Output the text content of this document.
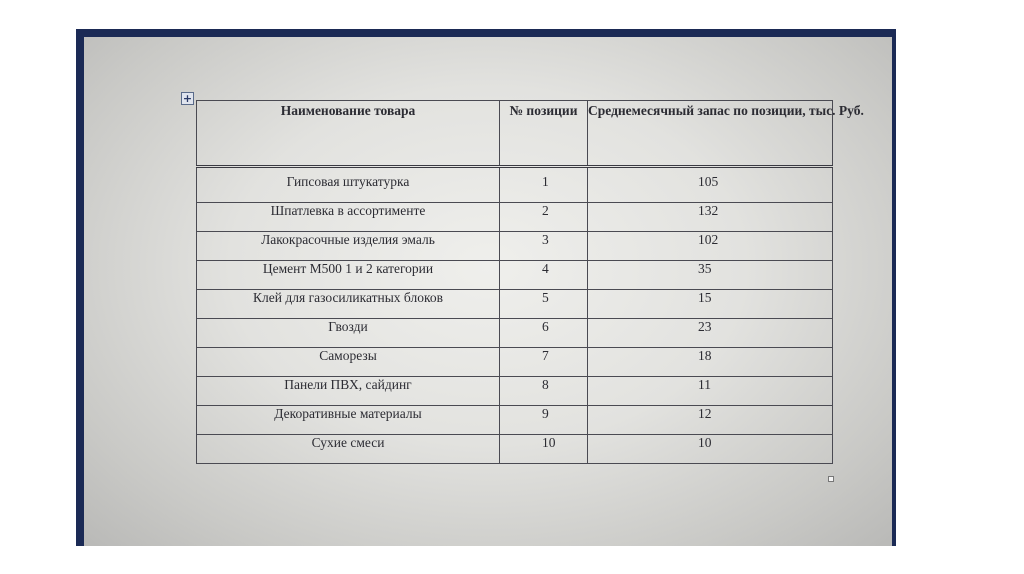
+
Наименование товара	№ позиции	Среднемесячный запас по позиции, тыс. Руб.
Гипсовая штукатурка	1	105
Шпатлевка в ассортименте	2	132
Лакокрасочные изделия эмаль	3	102
Цемент М500 1 и 2 категории	4	35
Клей для газосиликатных блоков	5	15
Гвозди	6	23
Саморезы	7	18
Панели ПВХ, сайдинг	8	11
Декоративные материалы	9	12
Сухие смеси	10	10
